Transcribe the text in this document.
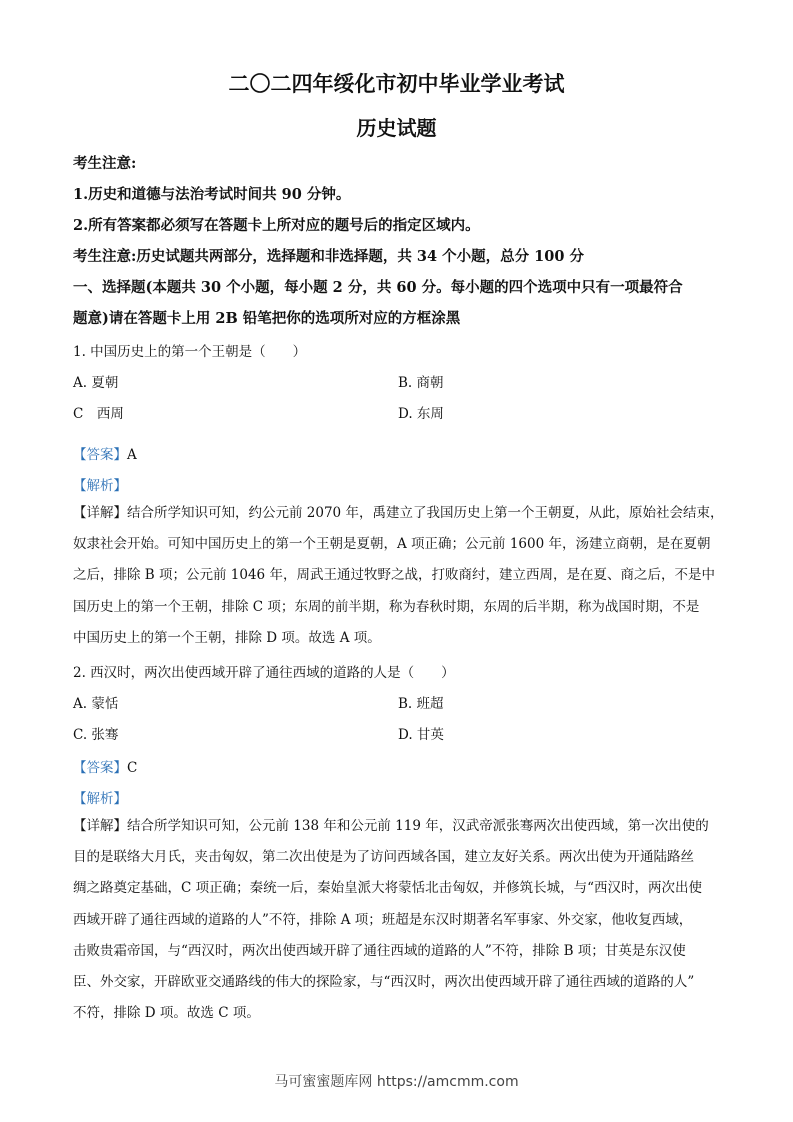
二〇二四年绥化市初中毕业学业考试
历史试题
考生注意:
1.历史和道德与法治考试时间共 90 分钟。
2.所有答案都必须写在答题卡上所对应的题号后的指定区域内。
考生注意:历史试题共两部分，选择题和非选择题，共 34 个小题，总分 100 分
一、选择题(本题共 30 个小题，每小题 2 分，共 60 分。每小题的四个选项中只有一项最符合
题意)请在答题卡上用 2B 铅笔把你的选项所对应的方框涂黑
1. 中国历史上的第一个王朝是（　　）
A. 夏朝	B. 商朝
C　西周	D. 东周
【答案】A
【解析】
【详解】结合所学知识可知，约公元前 2070 年，禹建立了我国历史上第一个王朝夏，从此，原始社会结束，
奴隶社会开始。可知中国历史上的第一个王朝是夏朝，A 项正确；公元前 1600 年，汤建立商朝，是在夏朝
之后，排除 B 项；公元前 1046 年，周武王通过牧野之战，打败商纣，建立西周，是在夏、商之后，不是中
国历史上的第一个王朝，排除 C 项；东周的前半期，称为春秋时期，东周的后半期，称为战国时期，不是
中国历史上的第一个王朝，排除 D 项。故选 A 项。
2. 西汉时，两次出使西域开辟了通往西域的道路的人是（　　）
A. 蒙恬	B. 班超
C. 张骞	D. 甘英
【答案】C
【解析】
【详解】结合所学知识可知，公元前 138 年和公元前 119 年，汉武帝派张骞两次出使西域，第一次出使的
目的是联络大月氏，夹击匈奴，第二次出使是为了访问西域各国，建立友好关系。两次出使为开通陆路丝
绸之路奠定基础，C 项正确；秦统一后，秦始皇派大将蒙恬北击匈奴，并修筑长城，与“西汉时，两次出使
西域开辟了通往西域的道路的人”不符，排除 A 项；班超是东汉时期著名军事家、外交家，他收复西域，
击败贵霜帝国，与“西汉时，两次出使西域开辟了通往西域的道路的人”不符，排除 B 项；甘英是东汉使
臣、外交家，开辟欧亚交通路线的伟大的探险家，与“西汉时，两次出使西域开辟了通往西域的道路的人”
不符，排除 D 项。故选 C 项。
马可蜜蜜题库网 https://amcmm.com
